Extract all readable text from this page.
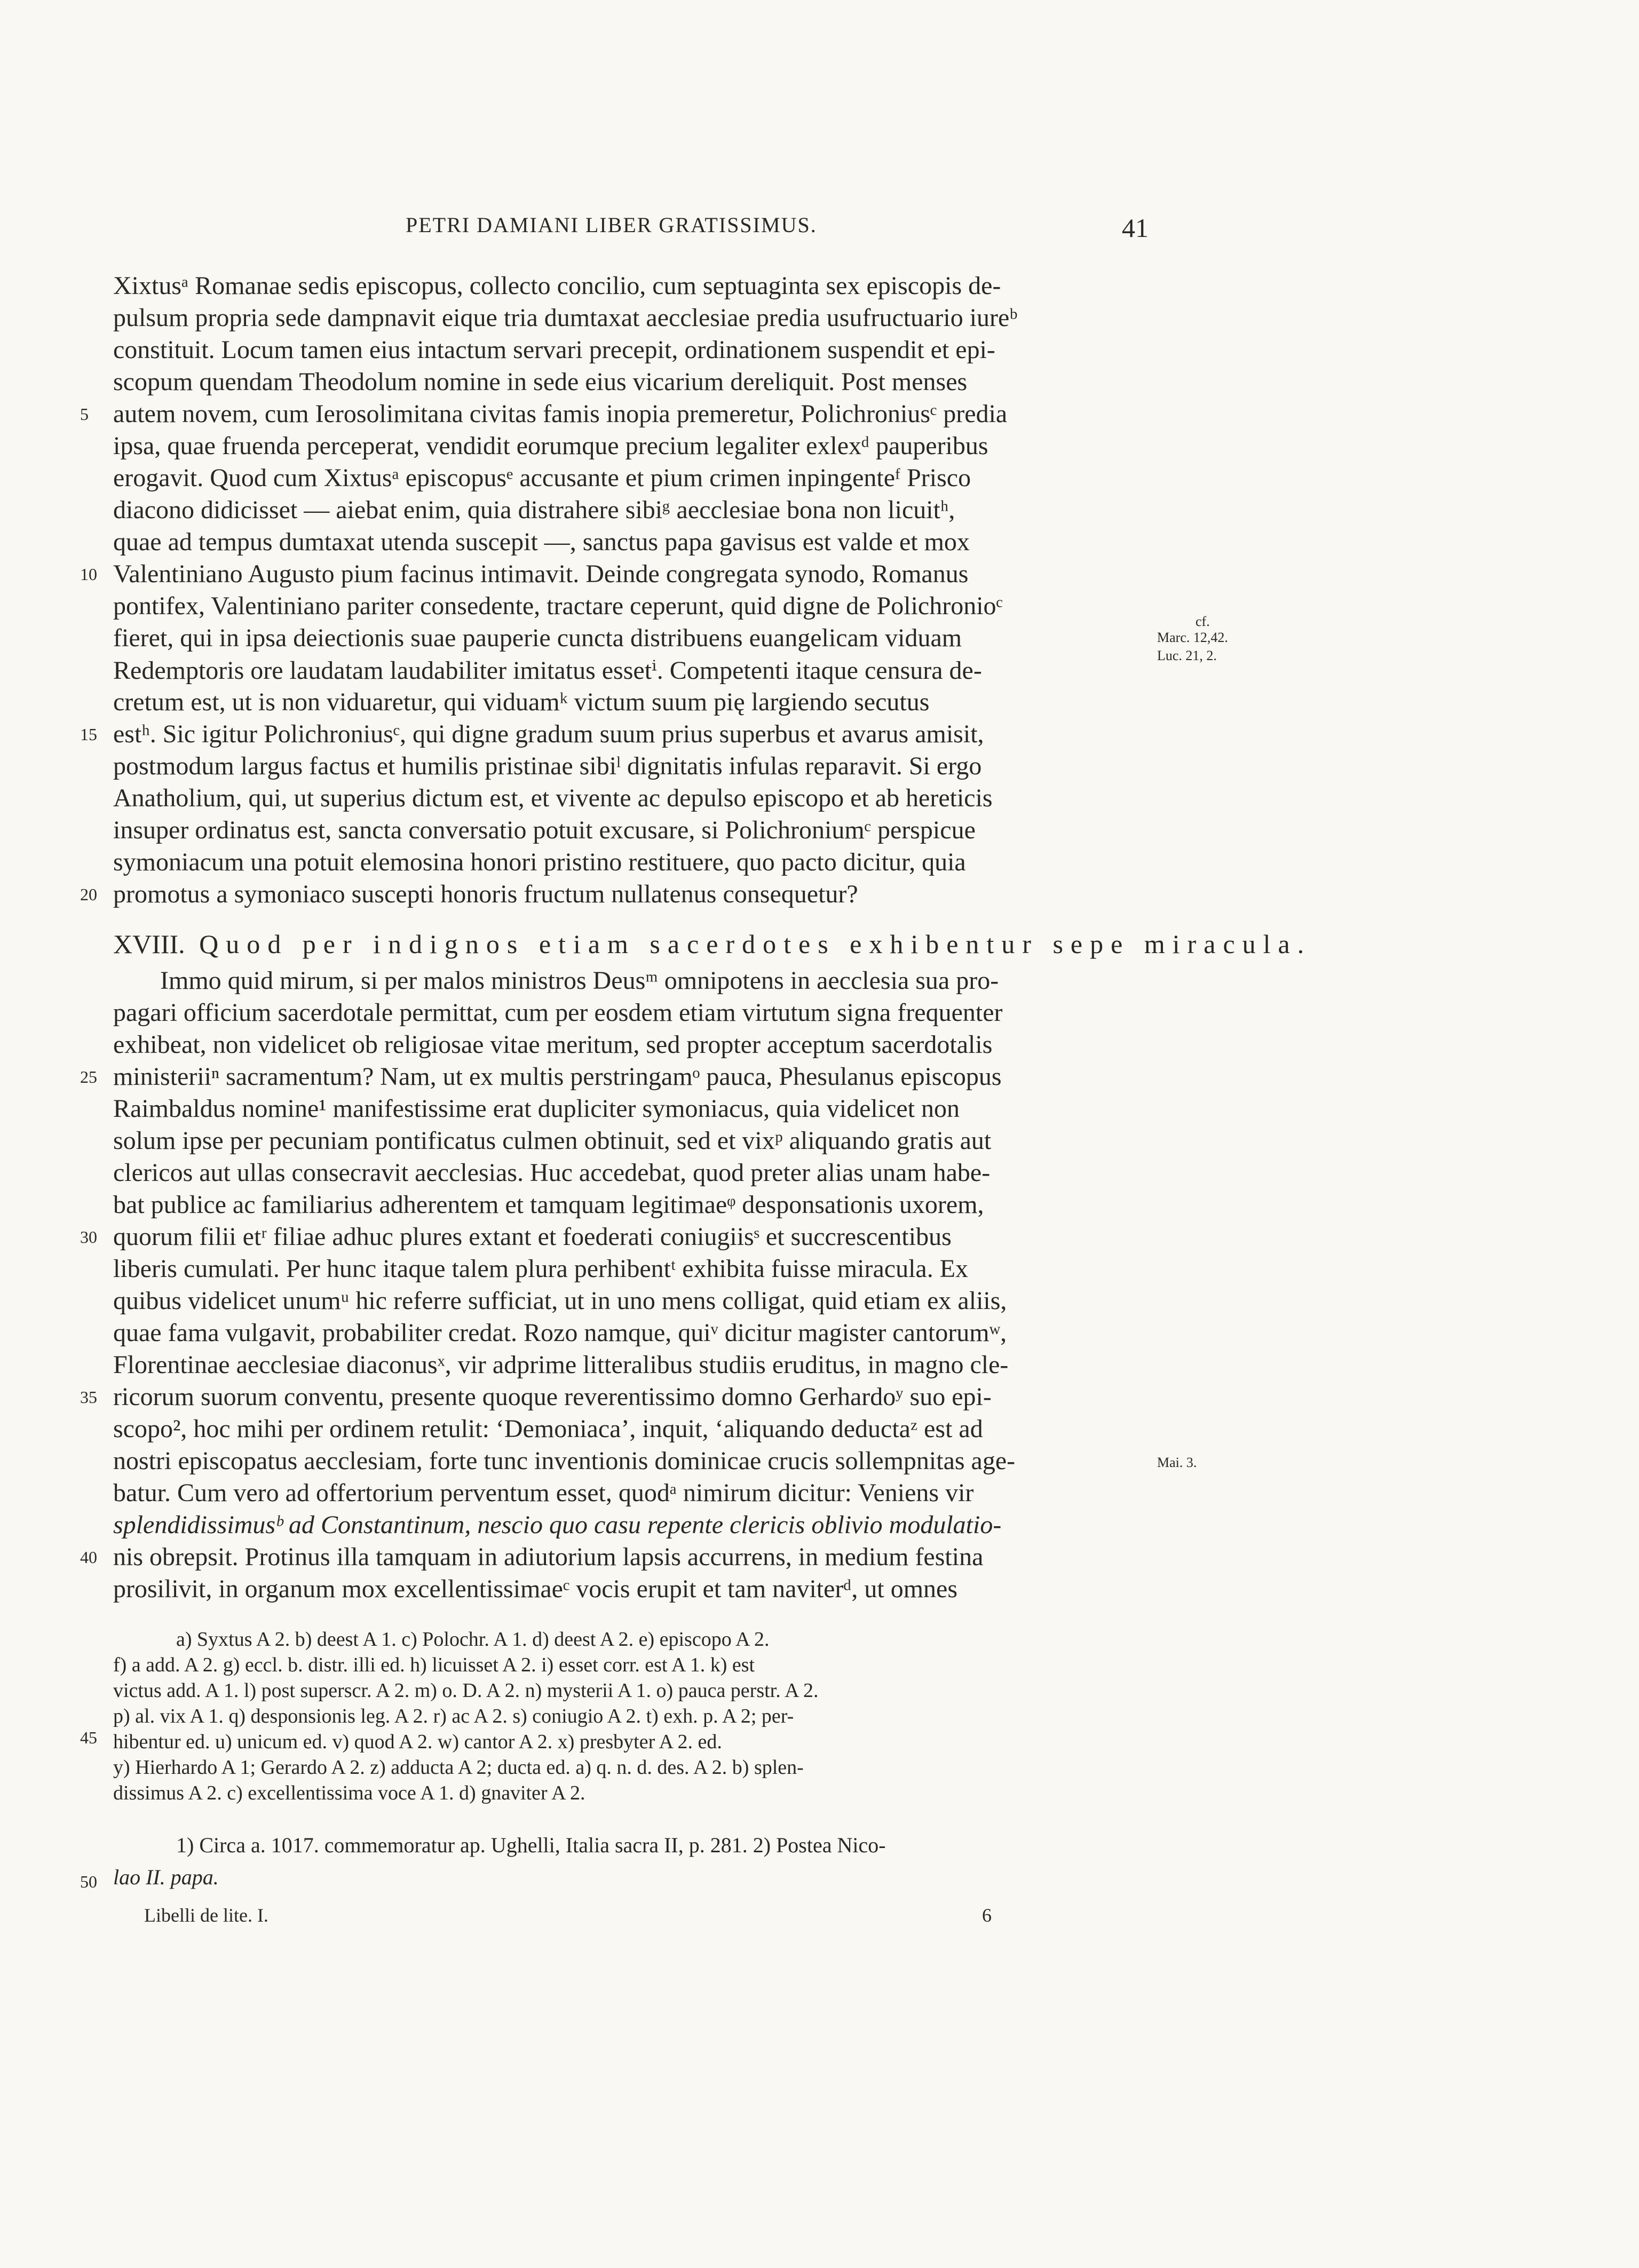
PETRI DAMIANI LIBER GRATISSIMUS.	41
Xixtusᵃ Romanae sedis episcopus, collecto concilio, cum septuaginta sex episcopis de-
pulsum propria sede dampnavit eique tria dumtaxat aecclesiae predia usufructuario iureᵇ
constituit. Locum tamen eius intactum servari precepit, ordinationem suspendit et epi-
scopum quendam Theodolum nomine in sede eius vicarium dereliquit. Post menses
autem novem, cum Ierosolimitana civitas famis inopia premeretur, Polichroniusᶜ predia
ipsa, quae fruenda perceperat, vendidit eorumque precium legaliter exlexᵈ pauperibus
erogavit. Quod cum Xixtusᵃ episcopusᵉ accusante et pium crimen inpingenteᶠ Prisco
diacono didicisset — aiebat enim, quia distrahere sibiᵍ aecclesiae bona non licuitʰ,
quae ad tempus dumtaxat utenda suscepit —, sanctus papa gavisus est valde et mox
Valentiniano Augusto pium facinus intimavit. Deinde congregata synodo, Romanus
pontifex, Valentiniano pariter consedente, tractare ceperunt, quid digne de Polichronioᶜ
fieret, qui in ipsa deiectionis suae pauperie cuncta distribuens euangelicam viduam
Redemptoris ore laudatam laudabiliter imitatus essetⁱ. Competenti itaque censura de-
cretum est, ut is non viduaretur, qui viduamᵏ victum suum pię largiendo secutus
estʰ. Sic igitur Polichroniusᶜ, qui digne gradum suum prius superbus et avarus amisit,
postmodum largus factus et humilis pristinae sibiˡ dignitatis infulas reparavit. Si ergo
Anatholium, qui, ut superius dictum est, et vivente ac depulso episcopo et ab hereticis
insuper ordinatus est, sancta conversatio potuit excusare, si Polichroniumᶜ perspicue
symoniacum una potuit elemosina honori pristino restituere, quo pacto dicitur, quia
promotus a symoniaco suscepti honoris fructum nullatenus consequetur?
XVIII. Quod per indignos etiam sacerdotes exhibentur sepe miracula.
Immo quid mirum, si per malos ministros Deusᵐ omnipotens in aecclesia sua pro-
pagari officium sacerdotale permittat, cum per eosdem etiam virtutum signa frequenter
exhibeat, non videlicet ob religiosae vitae meritum, sed propter acceptum sacerdotalis
ministeriiⁿ sacramentum? Nam, ut ex multis perstringamᵒ pauca, Phesulanus episcopus
Raimbaldus nomine¹ manifestissime erat dupliciter symoniacus, quia videlicet non
solum ipse per pecuniam pontificatus culmen obtinuit, sed et vixᵖ aliquando gratis aut
clericos aut ullas consecravit aecclesias. Huc accedebat, quod preter alias unam habe-
bat publice ac familiarius adherentem et tamquam legitimaeᵠ desponsationis uxorem,
quorum filii etʳ filiae adhuc plures extant et foederati coniugiisˢ et succrescentibus
liberis cumulati. Per hunc itaque talem plura perhibentᵗ exhibita fuisse miracula. Ex
quibus videlicet unumᵘ hic referre sufficiat, ut in uno mens colligat, quid etiam ex aliis,
quae fama vulgavit, probabiliter credat. Rozo namque, quiᵛ dicitur magister cantorumʷ,
Florentinae aecclesiae diaconusˣ, vir adprime litteralibus studiis eruditus, in magno cle-
ricorum suorum conventu, presente quoque reverentissimo domno Gerhardoʸ suo epi-
scopo², hoc mihi per ordinem retulit: ‘Demoniaca’, inquit, ‘aliquando deductaᶻ est ad
nostri episcopatus aecclesiam, forte tunc inventionis dominicae crucis sollempnitas age-
batur. Cum vero ad offertorium perventum esset, quodᵃ nimirum dicitur: Veniens vir
splendidissimusᵇ ad Constantinum, nescio quo casu repente clericis oblivio modulatio-
nis obrepsit. Protinus illa tamquam in adiutorium lapsis accurrens, in medium festina
prosilivit, in organum mox excellentissimaeᶜ vocis erupit et tam naviterᵈ, ut omnes
5
10
15
20
25
30
35
40
45
50
cf.
Marc. 12,42.
Luc. 21, 2.
Mai. 3.
a) Syxtus A 2. b) deest A 1. c) Polochr. A 1. d) deest A 2. e) episcopo A 2.
f) a add. A 2. g) eccl. b. distr. illi ed. h) licuisset A 2. i) esset corr. est A 1. k) est
victus add. A 1. l) post superscr. A 2. m) o. D. A 2. n) mysterii A 1. o) pauca perstr. A 2.
p) al. vix A 1. q) desponsionis leg. A 2. r) ac A 2. s) coniugio A 2. t) exh. p. A 2; per-
hibentur ed. u) unicum ed. v) quod A 2. w) cantor A 2. x) presbyter A 2. ed.
y) Hierhardo A 1; Gerardo A 2. z) adducta A 2; ducta ed. a) q. n. d. des. A 2. b) splen-
dissimus A 2. c) excellentissima voce A 1. d) gnaviter A 2.
1) Circa a. 1017. commemoratur ap. Ughelli, Italia sacra II, p. 281. 2) Postea Nico-
lao II. papa.
Libelli de lite. I.	6
